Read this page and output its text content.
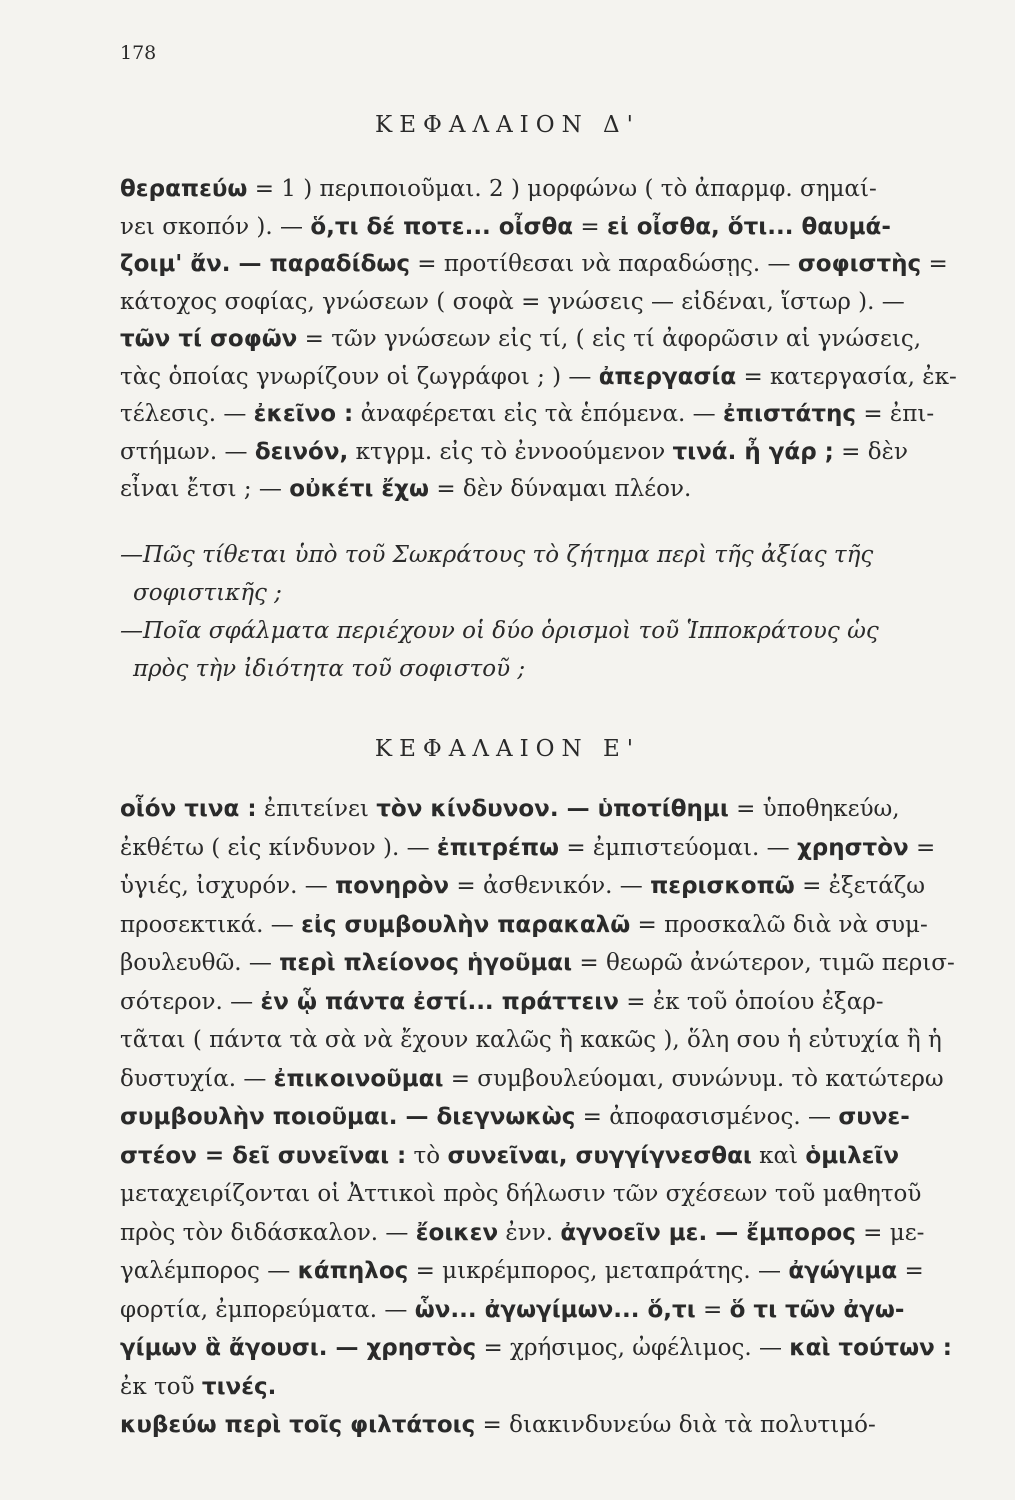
178
ΚΕΦΑΛΑΙΟΝ Δ'
θεραπεύω = 1 ) περιποιοῦμαι. 2 ) μορφώνω ( τὸ ἀπαρμφ. σημαί-
νει σκοπόν ). — ὅ,τι δέ ποτε... οἶσθα = εἰ οἶσθα, ὅτι... θαυμά-
ζοιμ' ἄν. — παραδίδως = προτίθεσαι νὰ παραδώσῃς. — σοφιστὴς =
κάτοχος σοφίας, γνώσεων ( σοφὰ = γνώσεις — εἰδέναι, ἵστωρ ). —
τῶν τί σοφῶν = τῶν γνώσεων εἰς τί, ( εἰς τί ἀφορῶσιν αἱ γνώσεις,
τὰς ὁποίας γνωρίζουν οἱ ζωγράφοι ; ) — ἀπεργασία = κατεργασία, ἐκ-
τέλεσις. — ἐκεῖνο : ἀναφέρεται εἰς τὰ ἑπόμενα. — ἐπιστάτης = ἐπι-
στήμων. — δεινόν, κτγρμ. εἰς τὸ ἐννοούμενον τινά. ἦ γάρ ; = δὲν
εἶναι ἔτσι ; — οὐκέτι ἔχω = δὲν δύναμαι πλέον.
—Πῶς τίθεται ὑπὸ τοῦ Σωκράτους τὸ ζήτημα περὶ τῆς ἀξίας τῆς
σοφιστικῆς ;
—Ποῖα σφάλματα περιέχουν οἱ δύο ὁρισμοὶ τοῦ Ἱπποκράτους ὡς
πρὸς τὴν ἰδιότητα τοῦ σοφιστοῦ ;
ΚΕΦΑΛΑΙΟΝ Ε'
οἷόν τινα : ἐπιτείνει τὸν κίνδυνον. — ὑποτίθημι = ὑποθηκεύω,
ἐκθέτω ( εἰς κίνδυνον ). — ἐπιτρέπω = ἐμπιστεύομαι. — χρηστὸν =
ὑγιές, ἰσχυρόν. — πονηρὸν = ἀσθενικόν. — περισκοπῶ = ἐξετάζω
προσεκτικά. — εἰς συμβουλὴν παρακαλῶ = προσκαλῶ διὰ νὰ συμ-
βουλευθῶ. — περὶ πλείονος ἡγοῦμαι = θεωρῶ ἀνώτερον, τιμῶ περισ-
σότερον. — ἐν ᾧ πάντα ἐστί... πράττειν = ἐκ τοῦ ὁποίου ἐξαρ-
τᾶται ( πάντα τὰ σὰ νὰ ἔχουν καλῶς ἢ κακῶς ), ὅλη σου ἡ εὐτυχία ἢ ἡ
δυστυχία. — ἐπικοινοῦμαι = συμβουλεύομαι, συνώνυμ. τὸ κατώτερω
συμβουλὴν ποιοῦμαι. — διεγνωκὼς = ἀποφασισμένος. — συνε-
στέον = δεῖ συνεῖναι : τὸ συνεῖναι, συγγίγνεσθαι καὶ ὁμιλεῖν
μεταχειρίζονται οἱ Ἀττικοὶ πρὸς δήλωσιν τῶν σχέσεων τοῦ μαθητοῦ
πρὸς τὸν διδάσκαλον. — ἔοικεν ἐνν. ἀγνοεῖν με. — ἔμπορος = με-
γαλέμπορος — κάπηλος = μικρέμπορος, μεταπράτης. — ἀγώγιμα =
φορτία, ἐμπορεύματα. — ὧν... ἀγωγίμων... ὅ,τι = ὅ τι τῶν ἀγω-
γίμων ἃ ἄγουσι. — χρηστὸς = χρήσιμος, ὠφέλιμος. — καὶ τούτων :
ἐκ τοῦ τινές.
κυβεύω περὶ τοῖς φιλτάτοις = διακινδυνεύω διὰ τὰ πολυτιμό-
